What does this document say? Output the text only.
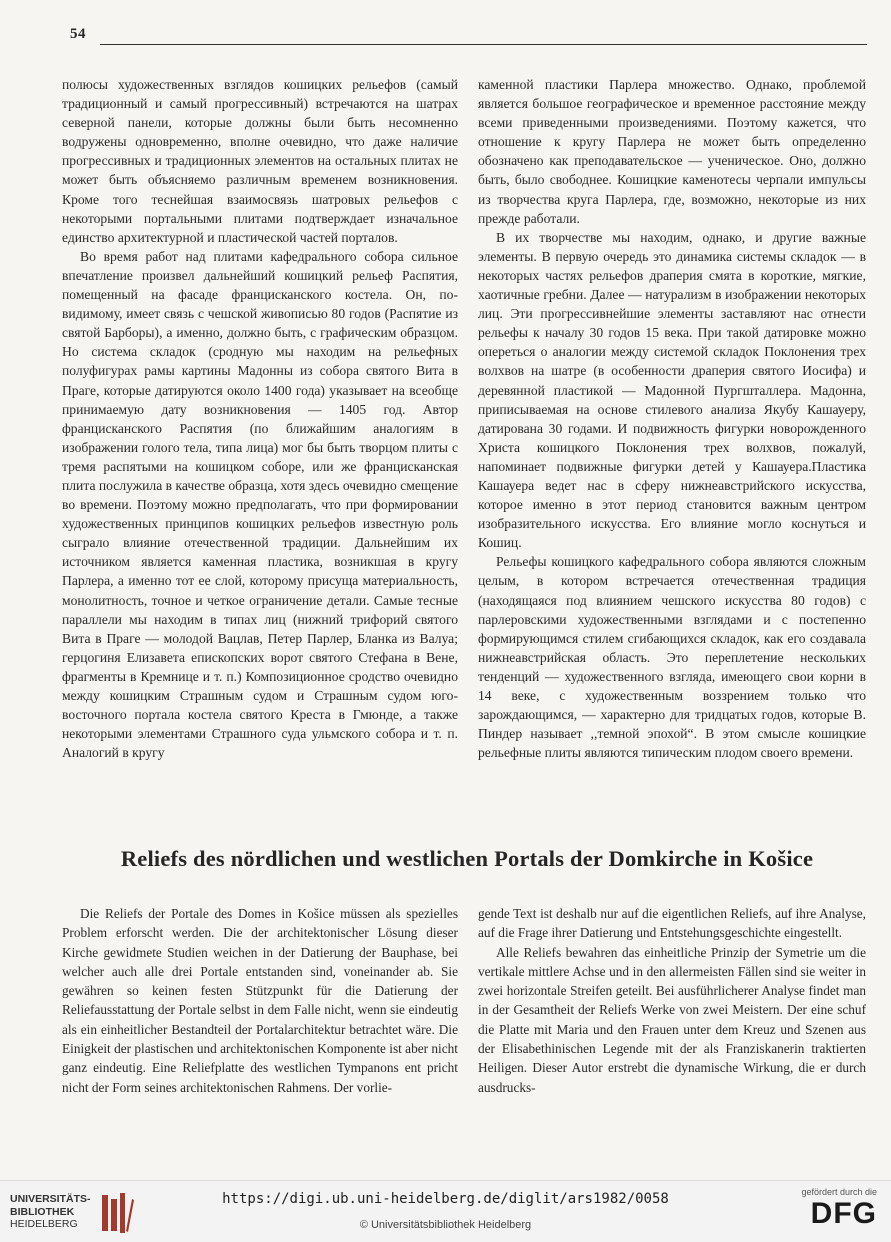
54

полюсы художественных взглядов кошицких рельефов (самый традиционный и самый прогрессивный) встречаются на шатрах северной панели, которые должны были быть несомненно водружены одновременно, вполне очевидно, что даже наличие прогрессивных и традиционных элементов на остальных плитах не может быть объясняемо различным временем возникновения. Кроме того теснейшая взаимосвязь шатровых рельефов с некоторыми портальными плитами подтверждает изначальное единство архитектурной и пластической частей порталов.

Во время работ над плитами кафедрального собора сильное впечатление произвел дальнейший кошицкий рельеф Распятия, помещенный на фасаде францисканского костела. Он, по-видимому, имеет связь с чешской живописью 80 годов (Распятие из святой Барборы), а именно, должно быть, с графическим образцом. Но система складок (сродную мы находим на рельефных полуфигурах рамы картины Мадонны из собора святого Вита в Праге, которые датируются около 1400 года) указывает на всеобще принимаемую дату возникновения — 1405 год. Автор францисканского Распятия (по ближайшим аналогиям в изображении голого тела, типа лица) мог бы быть творцом плиты с тремя распятыми на кошицком соборе, или же францисканская плита послужила в качестве образца, хотя здесь очевидно смещение во времени. Поэтому можно предполагать, что при формировании художественных принципов кошицких рельефов известную роль сыграло влияние отечественной традиции. Дальнейшим их источником является каменная пластика, возникшая в кругу Парлера, а именно тот ее слой, которому присуща материальность, монолитность, точное и четкое ограничение детали. Самые тесные параллели мы находим в типах лиц (нижний трифорий святого Вита в Праге — молодой Вацлав, Петер Парлер, Бланка из Валуа; герцогиня Елизавета епископских ворот святого Стефана в Вене, фрагменты в Кремнице и т. п.) Композиционное сродство очевидно между кошицким Страшным судом и Страшным судом юго-восточного портала костела святого Креста в Гмюнде, а также некоторыми элементами Страшного суда ульмского собора и т. п. Аналогий в кругу

каменной пластики Парлера множество. Однако, проблемой является большое географическое и временное расстояние между всеми приведенными произведениями. Поэтому кажется, что отношение к кругу Парлера не может быть определенно обозначено как преподавательское — ученическое. Оно, должно быть, было свободнее. Кошицкие каменотесы черпали импульсы из творчества круга Парлера, где, возможно, некоторые из них прежде работали.

В их творчестве мы находим, однако, и другие важные элементы. В первую очередь это динамика системы складок — в некоторых частях рельефов драперия смята в короткие, мягкие, хаотичные гребни. Далее — натурализм в изображении некоторых лиц. Эти прогрессивнейшие элементы заставляют нас отнести рельефы к началу 30 годов 15 века. При такой датировке можно опереться о аналогии между системой складок Поклонения трех волхвов на шатре (в особенности драперия святого Иосифа) и деревянной пластикой — Мадонной Пургшталлера. Мадонна, приписываемая на основе стилевого анализа Якубу Кашауеру, датирована 30 годами. И подвижность фигурки новорожденного Христа кошицкого Поклонения трех волхвов, пожалуй, напоминает подвижные фигурки детей у Кашауера.Пластика Кашауера ведет нас в сферу нижнеавстрийского искусства, которое именно в этот период становится важным центром изобразительного искусства. Его влияние могло коснуться и Кошиц.

Рельефы кошицкого кафедрального собора являются сложным целым, в котором встречается отечественная традиция (находящаяся под влиянием чешского искусства 80 годов) с парлеровскими художественными взглядами и с постепенно формирующимся стилем сгибающихся складок, как его создавала нижнеавстрийская область. Это переплетение нескольких тенденций — художественного взгляда, имеющего свои корни в 14 веке, с художественным воззрением только что зарождающимся, — характерно для тридцатых годов, которые В. Пиндер называет ,,темной эпохой“. В этом смысле кошицкие рельефные плиты являются типическим плодом своего времени.

Reliefs des nördlichen und westlichen Portals der Domkirche in Košice

Die Reliefs der Portale des Domes in Košice müssen als spezielles Problem erforscht werden. Die der architektonischer Lösung dieser Kirche gewidmete Studien weichen in der Datierung der Bauphase, bei welcher auch alle drei Portale entstanden sind, voneinander ab. Sie gewähren so keinen festen Stützpunkt für die Datierung der Reliefausstattung der Portale selbst in dem Falle nicht, wenn sie eindeutig als ein einheitlicher Bestandteil der Portalarchitektur betrachtet wäre. Die Einigkeit der plastischen und architektonischen Komponente ist aber nicht ganz eindeutig. Eine Reliefplatte des westlichen Tympanons ent pricht nicht der Form seines architektonischen Rahmens. Der vorlie-

gende Text ist deshalb nur auf die eigentlichen Reliefs, auf ihre Analyse, auf die Frage ihrer Datierung und Entstehungsgeschichte eingestellt.

Alle Reliefs bewahren das einheitliche Prinzip der Symetrie um die vertikale mittlere Achse und in den allermeisten Fällen sind sie weiter in zwei horizontale Streifen geteilt. Bei ausführlicherer Analyse findet man in der Gesamtheit der Reliefs Werke von zwei Meistern. Der eine schuf die Platte mit Maria und den Frauen unter dem Kreuz und Szenen aus der Elisabethinischen Legende mit der als Franziskanerin traktierten Heiligen. Dieser Autor erstrebt die dynamische Wirkung, die er durch ausdrucks-

UNIVERSITÄTS-
BIBLIOTHEK
HEIDELBERG
https://digi.ub.uni-heidelberg.de/diglit/ars1982/0058
© Universitätsbibliothek Heidelberg
gefördert durch die
DFG
